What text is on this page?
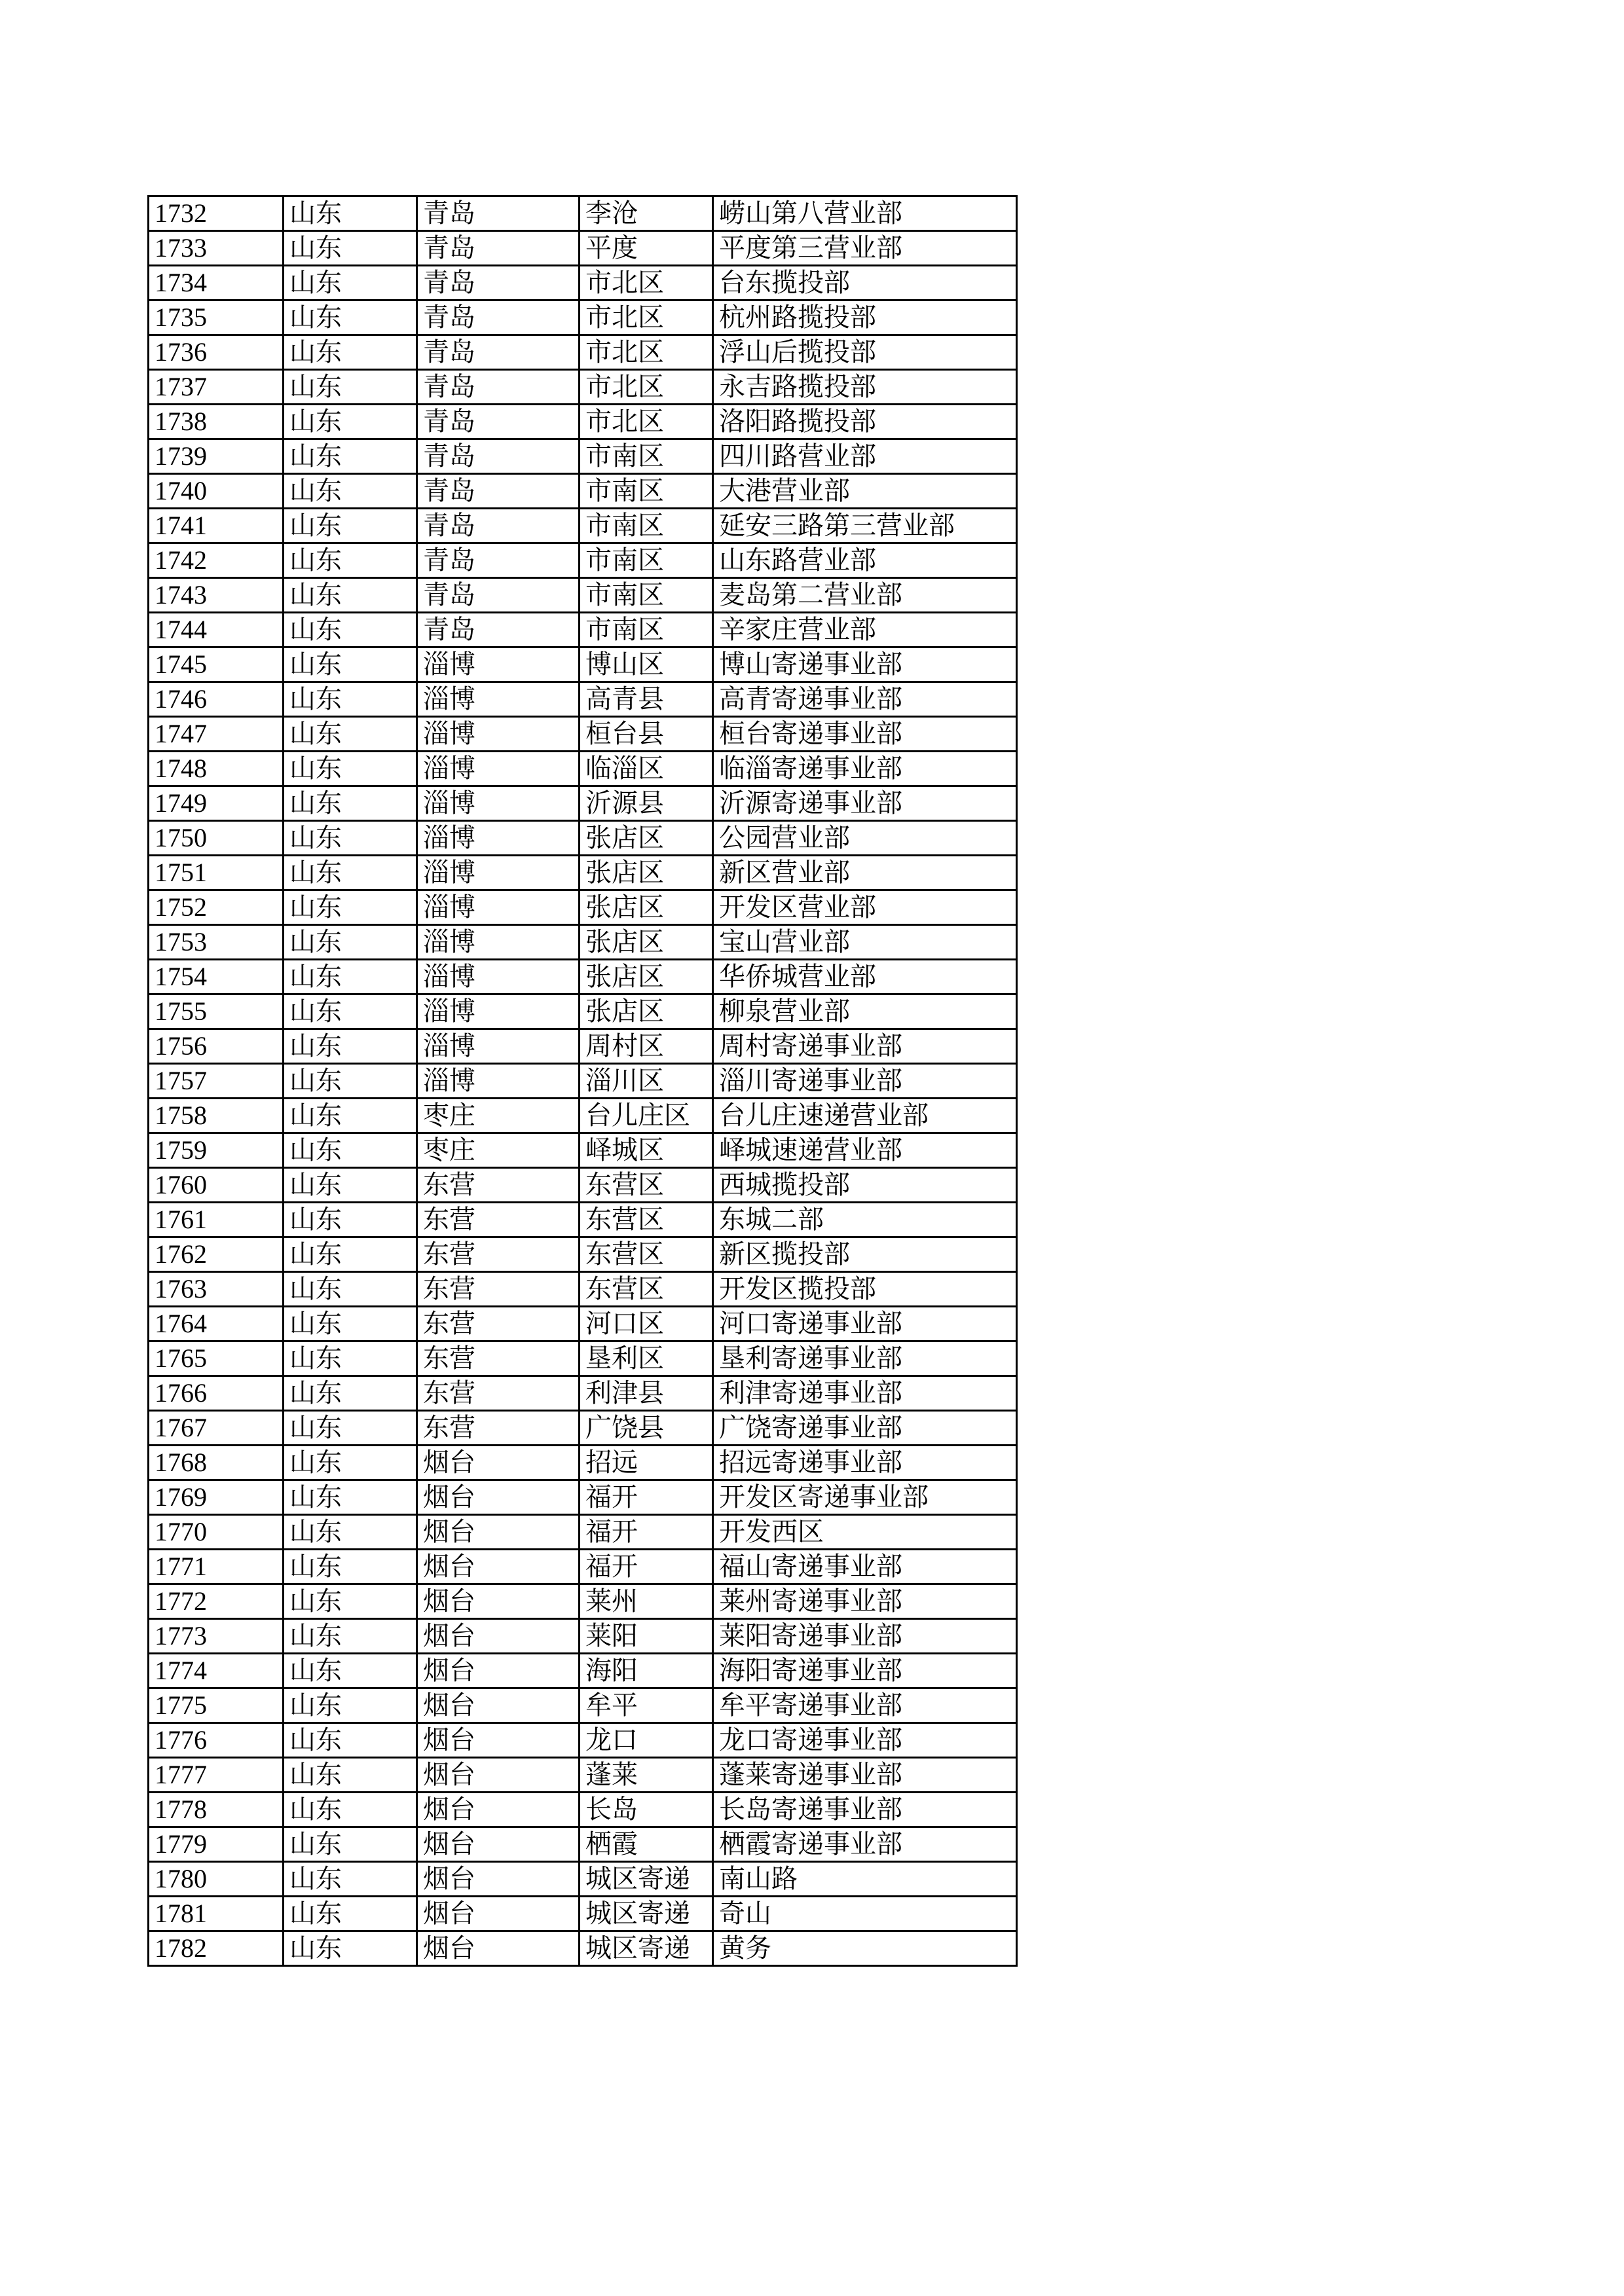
1732	山东	青岛	李沧	崂山第八营业部
1733	山东	青岛	平度	平度第三营业部
1734	山东	青岛	市北区	台东揽投部
1735	山东	青岛	市北区	杭州路揽投部
1736	山东	青岛	市北区	浮山后揽投部
1737	山东	青岛	市北区	永吉路揽投部
1738	山东	青岛	市北区	洛阳路揽投部
1739	山东	青岛	市南区	四川路营业部
1740	山东	青岛	市南区	大港营业部
1741	山东	青岛	市南区	延安三路第三营业部
1742	山东	青岛	市南区	山东路营业部
1743	山东	青岛	市南区	麦岛第二营业部
1744	山东	青岛	市南区	辛家庄营业部
1745	山东	淄博	博山区	博山寄递事业部
1746	山东	淄博	高青县	高青寄递事业部
1747	山东	淄博	桓台县	桓台寄递事业部
1748	山东	淄博	临淄区	临淄寄递事业部
1749	山东	淄博	沂源县	沂源寄递事业部
1750	山东	淄博	张店区	公园营业部
1751	山东	淄博	张店区	新区营业部
1752	山东	淄博	张店区	开发区营业部
1753	山东	淄博	张店区	宝山营业部
1754	山东	淄博	张店区	华侨城营业部
1755	山东	淄博	张店区	柳泉营业部
1756	山东	淄博	周村区	周村寄递事业部
1757	山东	淄博	淄川区	淄川寄递事业部
1758	山东	枣庄	台儿庄区	台儿庄速递营业部
1759	山东	枣庄	峄城区	峄城速递营业部
1760	山东	东营	东营区	西城揽投部
1761	山东	东营	东营区	东城二部
1762	山东	东营	东营区	新区揽投部
1763	山东	东营	东营区	开发区揽投部
1764	山东	东营	河口区	河口寄递事业部
1765	山东	东营	垦利区	垦利寄递事业部
1766	山东	东营	利津县	利津寄递事业部
1767	山东	东营	广饶县	广饶寄递事业部
1768	山东	烟台	招远	招远寄递事业部
1769	山东	烟台	福开	开发区寄递事业部
1770	山东	烟台	福开	开发西区
1771	山东	烟台	福开	福山寄递事业部
1772	山东	烟台	莱州	莱州寄递事业部
1773	山东	烟台	莱阳	莱阳寄递事业部
1774	山东	烟台	海阳	海阳寄递事业部
1775	山东	烟台	牟平	牟平寄递事业部
1776	山东	烟台	龙口	龙口寄递事业部
1777	山东	烟台	蓬莱	蓬莱寄递事业部
1778	山东	烟台	长岛	长岛寄递事业部
1779	山东	烟台	栖霞	栖霞寄递事业部
1780	山东	烟台	城区寄递	南山路
1781	山东	烟台	城区寄递	奇山
1782	山东	烟台	城区寄递	黄务
